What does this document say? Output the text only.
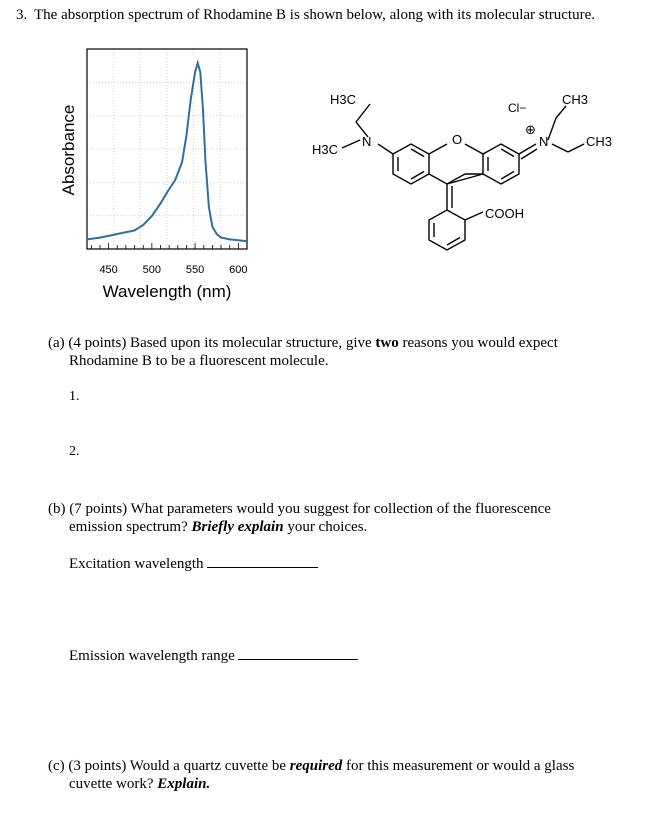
3. The absorption spectrum of Rhodamine B is shown below, along with its molecular structure.
450 500 550 600
Wavelength (nm)
Absorbance
H3C
H3C
N	O
Cl−
⊕
N
CH3
CH3
COOH
(a) (4 points) Based upon its molecular structure, give two reasons you would expect
Rhodamine B to be a fluorescent molecule.
1.
2.
(b) (7 points) What parameters would you suggest for collection of the fluorescence
emission spectrum? Briefly explain your choices.
Excitation wavelength
Emission wavelength range
(c) (3 points) Would a quartz cuvette be required for this measurement or would a glass
cuvette work? Explain.
